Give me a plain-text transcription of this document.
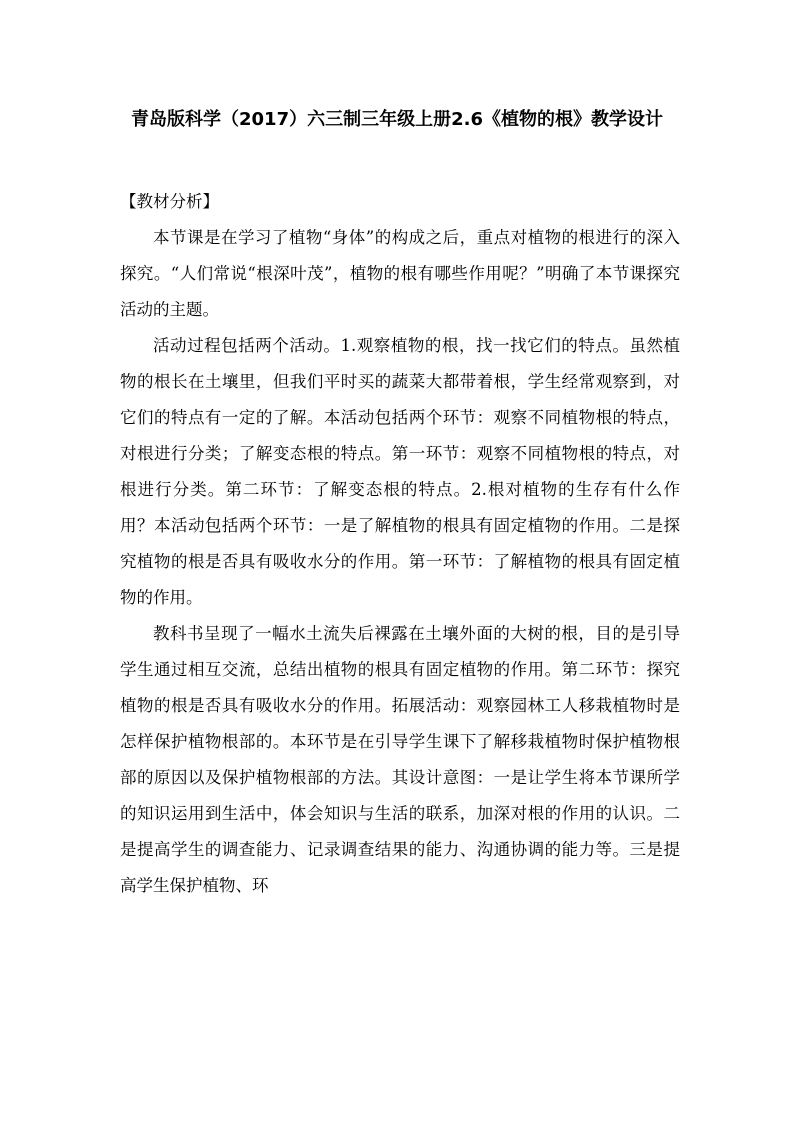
青岛版科学（2017）六三制三年级上册2.6《植物的根》教学设计

【教材分析】

本节课是在学习了植物“身体”的构成之后，重点对植物的根进行的深入探究。“人们常说“根深叶茂”，植物的根有哪些作用呢？”明确了本节课探究活动的主题。

活动过程包括两个活动。1.观察植物的根，找一找它们的特点。虽然植物的根长在土壤里，但我们平时买的蔬菜大都带着根，学生经常观察到，对它们的特点有一定的了解。本活动包括两个环节：观察不同植物根的特点，对根进行分类；了解变态根的特点。第一环节：观察不同植物根的特点，对根进行分类。第二环节：了解变态根的特点。2.根对植物的生存有什么作用？本活动包括两个环节：一是了解植物的根具有固定植物的作用。二是探究植物的根是否具有吸收水分的作用。第一环节：了解植物的根具有固定植物的作用。

教科书呈现了一幅水土流失后裸露在土壤外面的大树的根，目的是引导学生通过相互交流，总结出植物的根具有固定植物的作用。第二环节：探究植物的根是否具有吸收水分的作用。拓展活动：观察园林工人移栽植物时是怎样保护植物根部的。本环节是在引导学生课下了解移栽植物时保护植物根部的原因以及保护植物根部的方法。其设计意图：一是让学生将本节课所学的知识运用到生活中，体会知识与生活的联系，加深对根的作用的认识。二是提高学生的调查能力、记录调查结果的能力、沟通协调的能力等。三是提高学生保护植物、环
